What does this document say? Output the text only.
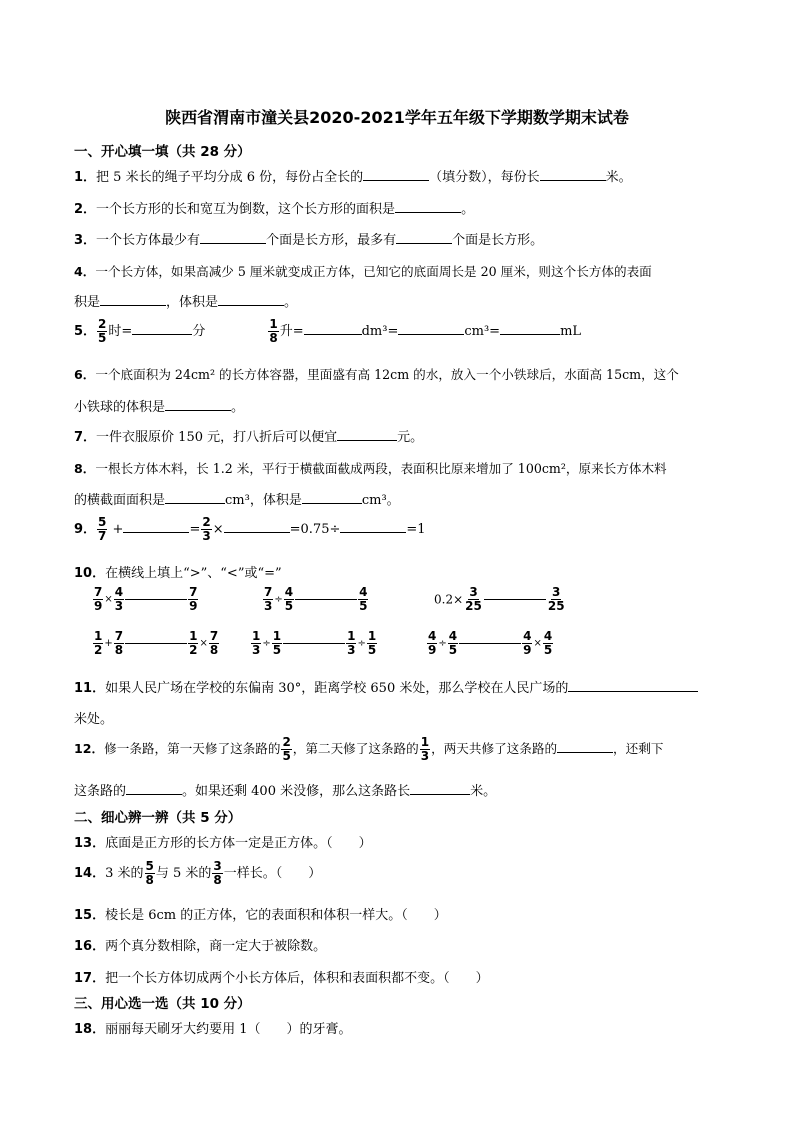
陕西省渭南市潼关县2020-2021学年五年级下学期数学期末试卷
一、开心填一填（共 28 分）
1．把 5 米长的绳子平均分成 6 份，每份占全长的	（填分数），每份长	米。
2．一个长方形的长和宽互为倒数，这个长方形的面积是	。
3．一个长方体最少有	个面是长方形，最多有	个面是长方形。
4．一个长方体，如果高减少 5 厘米就变成正方体，已知它的底面周长是 20 厘米，则这个长方体的表面
积是	，体积是	。
5． $\frac{2}{5}$ 时=	分	$\frac{1}{8}$ 升=	dm³=	cm³=	mL
6．一个底面积为 24cm² 的长方体容器，里面盛有高 12cm 的水，放入一个小铁球后，水面高 15cm，这个
小铁球的体积是	。
7．一件衣服原价 150 元，打八折后可以便宜	元。
8．一根长方体木料，长 1.2 米，平行于横截面截成两段，表面积比原来增加了 100cm²，原来长方体木料
的横截面面积是	cm³，体积是	cm³。
9． $\frac{5}{7}$ +	= $\frac{2}{3}$ ×	=0.75÷	=1
10．在横线上填上“>”、“<”或“=”
$\frac{7}{9} \times \frac{4}{3}$	$\frac{7}{9}$	$\frac{7}{3} \div \frac{4}{5}$	$\frac{4}{5}$	$0.2\times \frac{3}{25}$	$\frac{3}{25}$
$\frac{1}{2} + \frac{7}{8}$	$\frac{1}{2} \times \frac{7}{8}$	$\frac{1}{3} \div \frac{1}{5}$	$\frac{1}{3} \div \frac{1}{5}$	$\frac{4}{9} \div \frac{4}{5}$	$\frac{4}{9} \times \frac{4}{5}$
11．如果人民广场在学校的东偏南 30°，距离学校 650 米处，那么学校在人民广场的
米处。
12．修一条路，第一天修了这条路的 $\frac{2}{5}$ ，第二天修了这条路的 $\frac{1}{3}$ ，两天共修了这条路的	，还剩下
这条路的	。如果还剩 400 米没修，那么这条路长	米。
二、细心辨一辨（共 5 分）
13．底面是正方形的长方体一定是正方体。（　　）
14．3 米的 $\frac{5}{8}$ 与 5 米的 $\frac{3}{8}$ 一样长。（　　）
15．棱长是 6cm 的正方体，它的表面积和体积一样大。（　　）
16．两个真分数相除，商一定大于被除数。
17．把一个长方体切成两个小长方体后，体积和表面积都不变。（　　）
三、用心选一选（共 10 分）
18．丽丽每天刷牙大约要用 1（　　）的牙膏。
